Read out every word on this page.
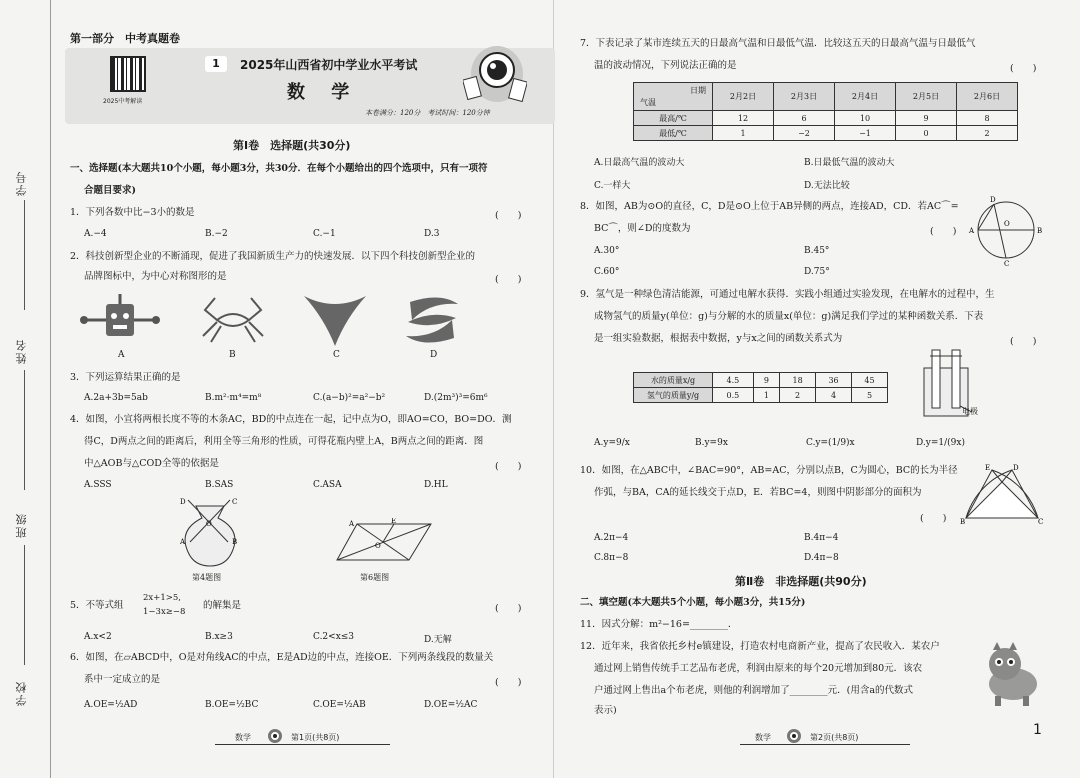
学号
姓名
班级
学校
第一部分　中考真题卷
2025中考解读
1	2025年山西省初中学业水平考试
数 学
本卷满分：120分　考试时间：120分钟
第Ⅰ卷　选择题(共30分)
一、选择题(本大题共10个小题，每小题3分，共30分．在每个小题给出的四个选项中，只有一项符
合题目要求)
1．下列各数中比−3小的数是	(　　)
A.−4	B.−2	C.−1	D.3
2．科技创新型企业的不断涌现，促进了我国新质生产力的快速发展．以下四个科技创新型企业的
品牌图标中，为中心对称图形的是	(　　)
A	B	C	D
3．下列运算结果正确的是
A.2a+3b=5ab	B.m²·m⁴=m⁸	C.(a−b)²=a²−b²	D.(2m³)³=6m⁶
4．如图，小宣将两根长度不等的木条AC，BD的中点连在一起，记中点为O，即AO=CO，BO=DO．测
得C，D两点之间的距离后，利用全等三角形的性质，可得花瓶内壁上A，B两点之间的距离．图
中△AOB与△COD全等的依据是	(　　)
A.SSS	B.SAS	C.ASA	D.HL
D	C
A	B
O
第4题图
A	E
O
第6题图
5．不等式组
2x+1>5,
1−3x≥−8
的解集是	(　　)
A.x<2	B.x≥3	C.2<x≤3	D.无解
6．如图，在▱ABCD中，O是对角线AC的中点，E是AD边的中点，连接OE．下列两条线段的数量关
系中一定成立的是	(　　)
A.OE=½AD	B.OE=½BC	C.OE=½AB	D.OE=½AC
数学	第1页(共8页)
7．下表记录了某市连续五天的日最高气温和日最低气温．比较这五天的日最高气温与日最低气
温的波动情况，下列说法正确的是	(　　)
日期
气温	2月2日	2月3日	2月4日	2月5日	2月6日
最高/℃	12	6	10	9	8
最低/℃	1	−2	−1	0	2
A.日最高气温的波动大	B.日最低气温的波动大
C.一样大	D.无法比较
8．如图，AB为⊙O的直径，C，D是⊙O上位于AB异侧的两点，连接AD，CD．若AC⌒=
BC⌒，则∠D的度数为	(　　) A	B
O
D
C
A.30°	B.45°
C.60°	D.75°
9．氢气是一种绿色清洁能源，可通过电解水获得．实践小组通过实验发现，在电解水的过程中，生
成物氢气的质量y(单位：g)与分解的水的质量x(单位：g)满足我们学过的某种函数关系．下表
是一组实验数据，根据表中数据，y与x之间的函数关系式为	(　　)
水的质量x/g	4.5	9	18	36	45
氢气的质量y/g	0.5	1	2	4	5
电极
A.y=9/x	B.y=9x	C.y=(1/9)x	D.y=1/(9x)
10．如图，在△ABC中，∠BAC=90°，AB=AC，分别以点B，C为圆心，BC的长为半径
作弧，与BA，CA的延长线交于点D，E．若BC=4，则图中阴影部分的面积为
(　　) B	C
E	D
A.2π−4	B.4π−4
C.8π−8	D.4π−8
第Ⅱ卷　非选择题(共90分)
二、填空题(本大题共5个小题，每小题3分，共15分)
11．因式分解：m²−16=________．
12．近年来，我省依托乡村e镇建设，打造农村电商新产业，提高了农民收入．某农户
通过网上销售传统手工艺品布老虎，利润由原来的每个20元增加到80元．该农
户通过网上售出a个布老虎，则他的利润增加了________元．(用含a的代数式
表示)
数学	第2页(共8页)	1
